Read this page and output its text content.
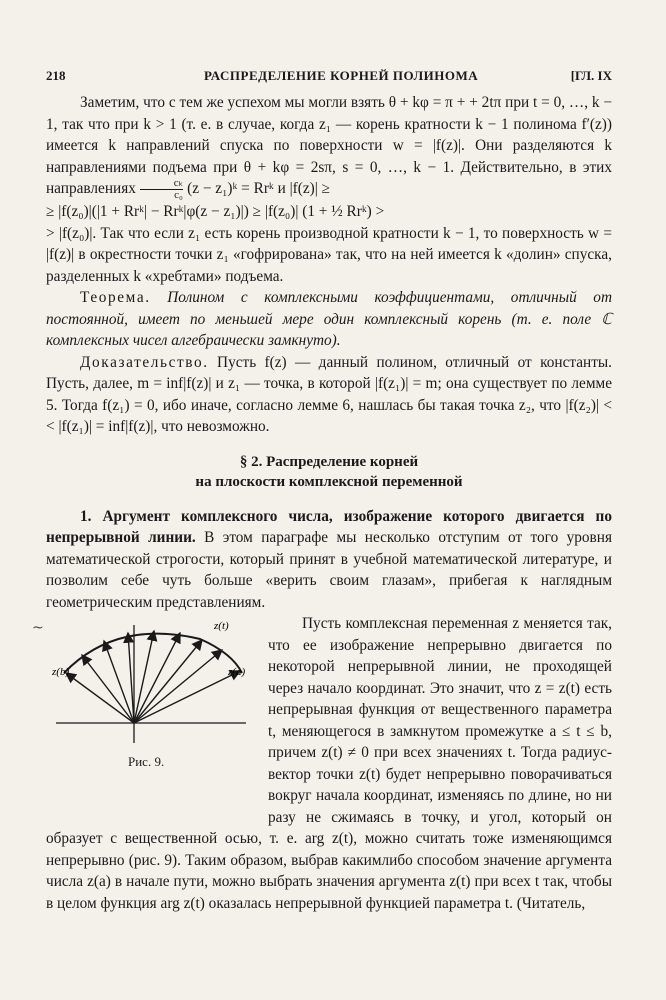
218	РАСПРЕДЕЛЕНИЕ КОРНЕЙ ПОЛИНОМА	[ГЛ. IX
~

Заметим, что с тем же успехом мы могли взять θ + kφ = π + + 2tπ при t = 0, …, k − 1, так что при k > 1 (т. е. в случае, когда z₁ — корень кратности k − 1 полинома f′(z)) имеется k направлений спуска по поверхности w = |f(z)|. Они разделяются k направлениями подъема при θ + kφ = 2sπ, s = 0, …, k − 1. Действительно, в этих направлениях $\frac{\text{cₖ}}{\text{c₀}} (z$ − z₁)ᵏ = Rrᵏ и |f(z)| ≥

≥ |f(z₀)|(|1 + Rrᵏ| − Rrᵏ|φ(z − z₁)|) ≥ |f(z₀)| (1 + ½ Rrᵏ) >

> |f(z₀)|. Так что если z₁ есть корень производной кратности k − 1, то поверхность w = |f(z)| в окрестности точки z₁ «гофрирована» так, что на ней имеется k «долин» спуска, разделенных k «хребтами» подъема.

Теорема. Полином с комплексными коэффициентами, отличный от постоянной, имеет по меньшей мере один комплексный корень (т. е. поле ℂ комплексных чисел алгебраически замкнуто).

Доказательство. Пусть f(z) — данный полином, отличный от константы. Пусть, далее, m = inf|f(z)| и z₁ — точка, в которой |f(z₁)| = m; она существует по лемме 5. Тогда f(z₁) = 0, ибо иначе, согласно лемме 6, нашлась бы такая точка z₂, что |f(z₂)| < < |f(z₁)| = inf|f(z)|, что невозможно.

§ 2. Распределение корней
на плоскости комплексной переменной

1. Аргумент комплексного числа, изображение которого двигается по непрерывной линии. В этом параграфе мы несколько отступим от того уровня математической строгости, который принят в учебной математической литературе, и позволим себе чуть больше «верить своим глазам», прибегая к наглядным геометрическим представлениям.

z(b)
z(t)
z(a)
Рис. 9.

Пусть комплексная переменная z меняется так, что ее изображение непрерывно двигается по некоторой непрерывной линии, не проходящей через начало координат. Это значит, что z = z(t) есть непрерывная функция от вещественного параметра t, меняющегося в замкнутом промежутке a ≤ t ≤ b, причем z(t) ≠ 0 при всех значениях t. Тогда радиус-вектор точки z(t) будет непрерывно поворачиваться вокруг начала координат, изменяясь по длине, но ни разу не сжимаясь в точку, и угол, который он образует с вещественной осью, т. е. arg z(t), можно считать тоже изменяющимся непрерывно (рис. 9). Таким образом, выбрав какимлибо способом значение аргумента числа z(a) в начале пути, можно выбрать значения аргумента z(t) при всех t так, чтобы в целом функция arg z(t) оказалась непрерывной функцией параметра t. (Читатель,
